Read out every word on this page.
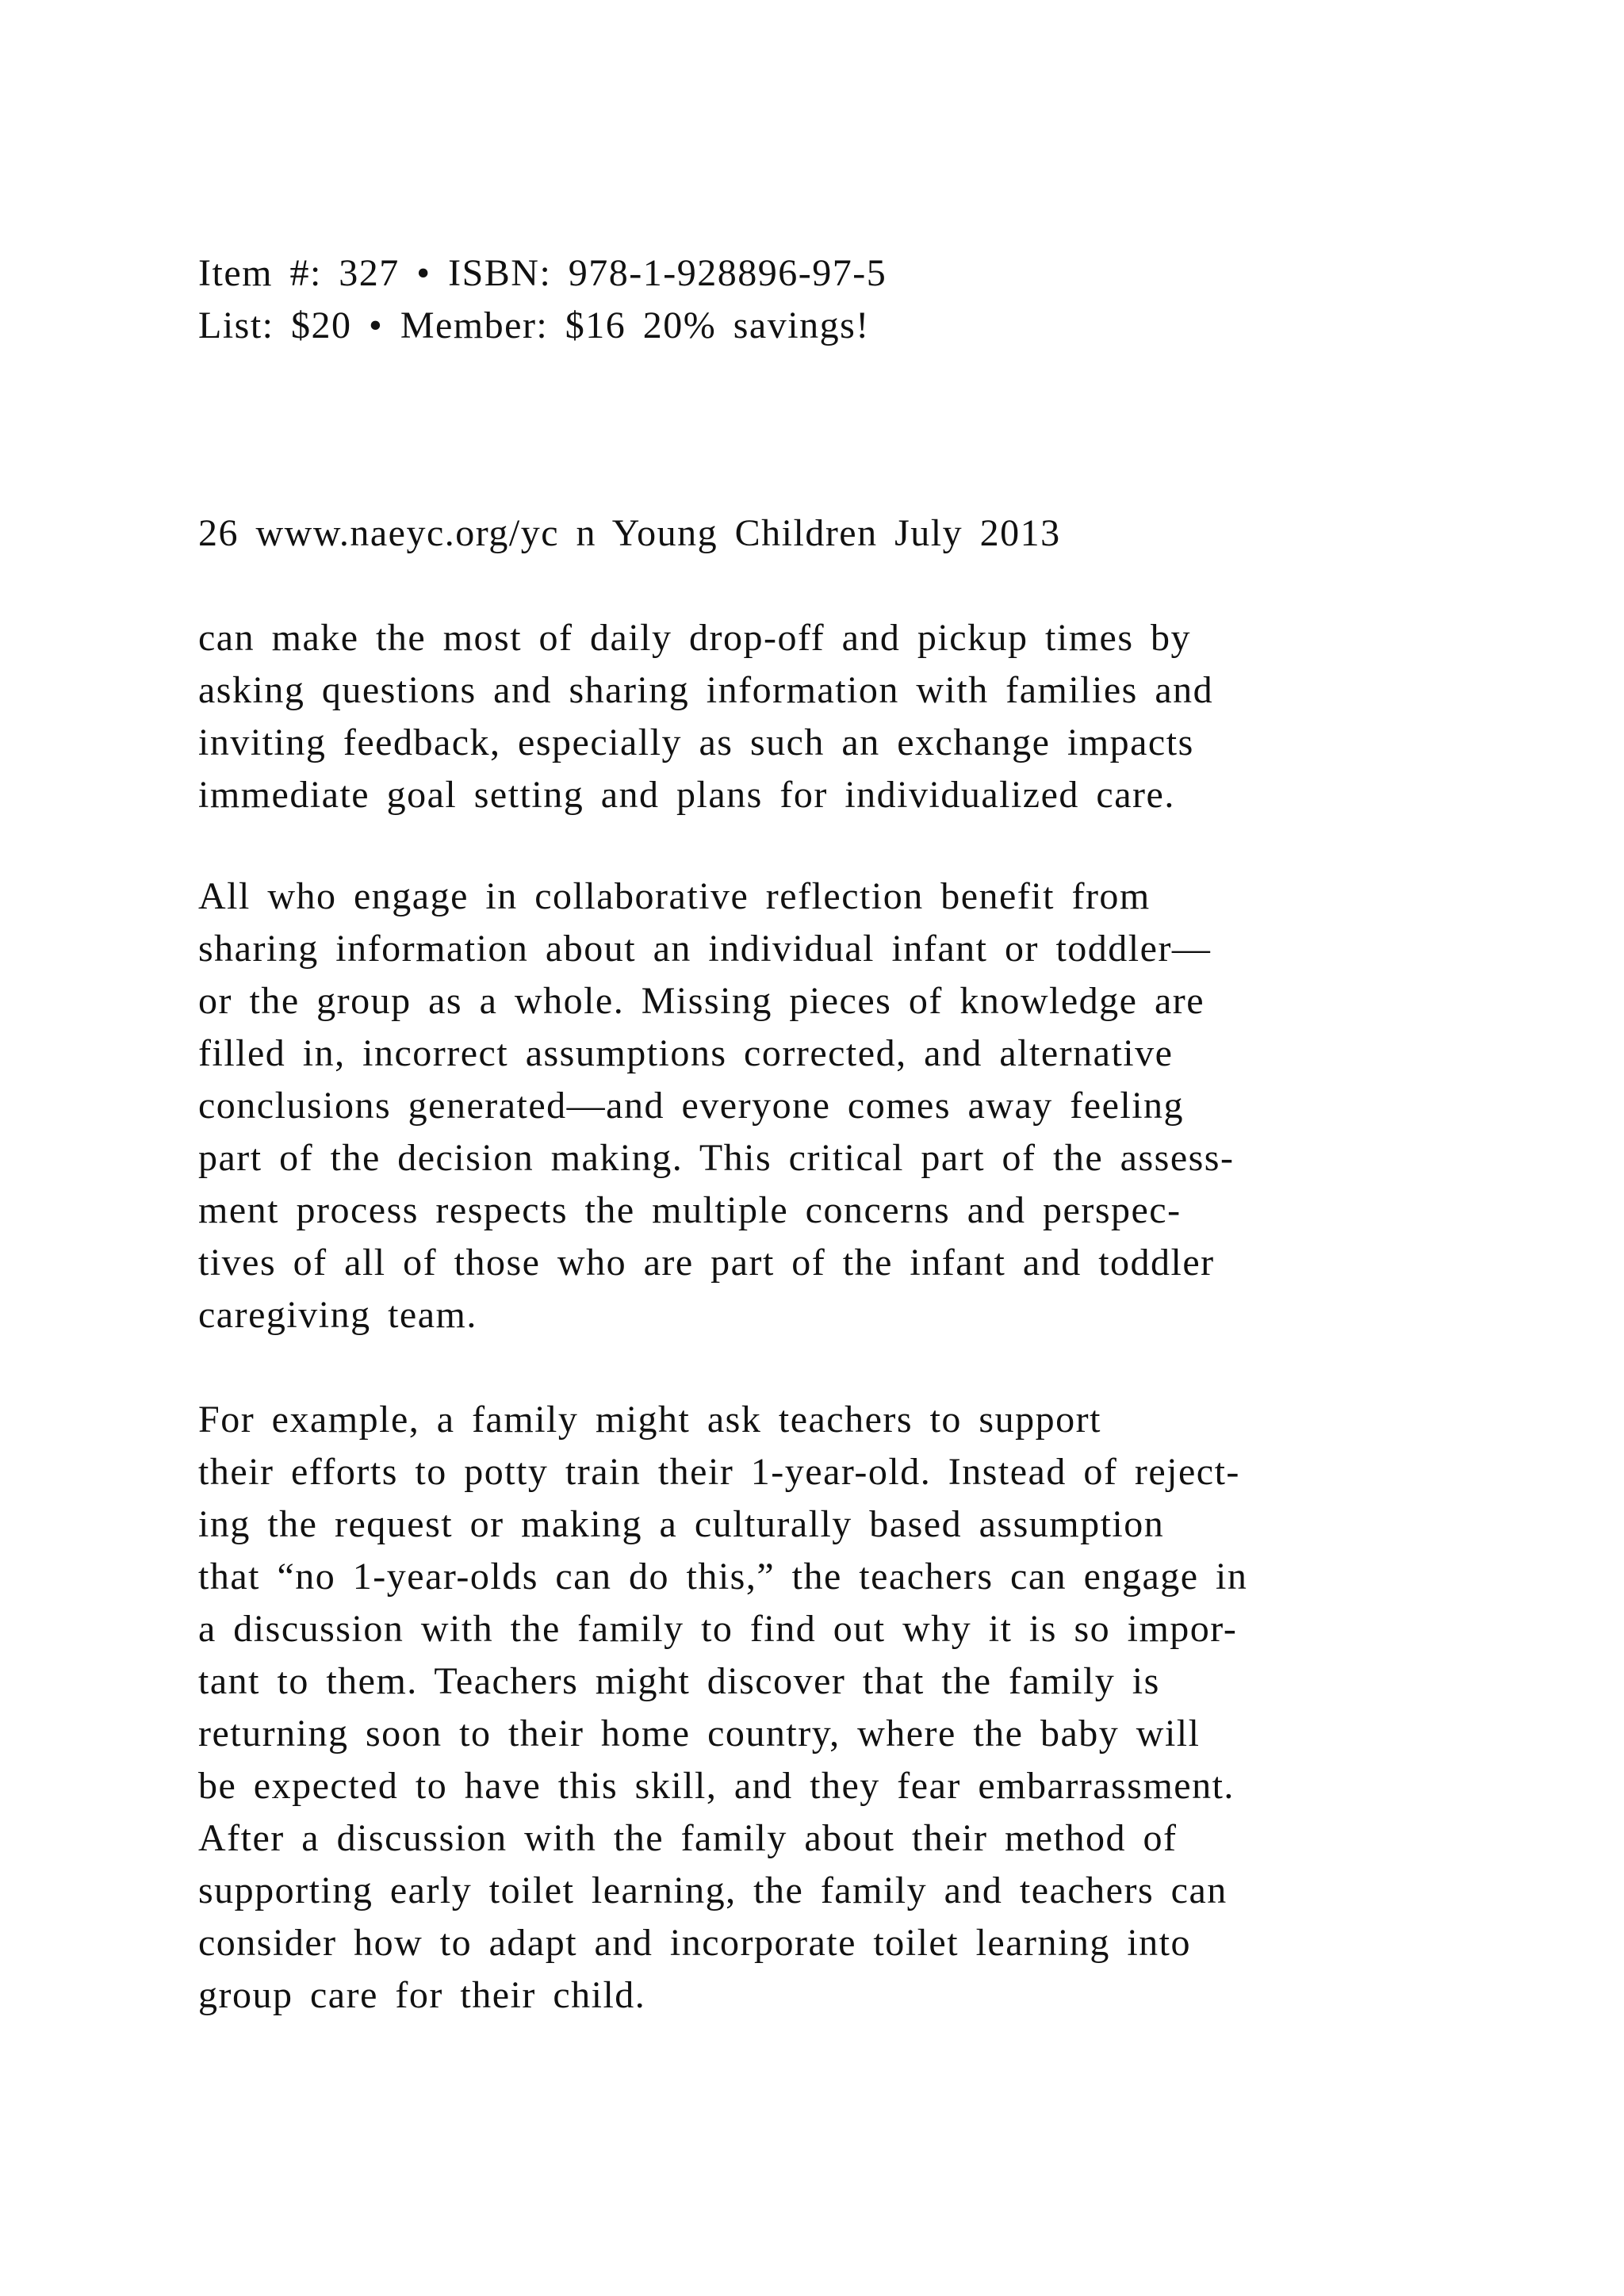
Item #: 327 • ISBN: 978-1-928896-97-5
List: $20 • Member: $16 20% savings!
26 www.naeyc.org/yc n Young Children July 2013
can make the most of daily drop-off and pickup times by
asking questions and sharing information with families and
inviting feedback, especially as such an exchange impacts
immediate goal setting and plans for individualized care.
All who engage in collaborative reflection benefit from
sharing information about an individual infant or toddler—
or the group as a whole. Missing pieces of knowledge are
filled in, incorrect assumptions corrected, and alternative
conclusions generated—and everyone comes away feeling
part of the decision making. This critical part of the assess-
ment process respects the multiple concerns and perspec-
tives of all of those who are part of the infant and toddler
caregiving team.
For example, a family might ask teachers to support
their efforts to potty train their 1-year-old. Instead of reject-
ing the request or making a culturally based assumption
that “no 1-year-olds can do this,” the teachers can engage in
a discussion with the family to find out why it is so impor-
tant to them. Teachers might discover that the family is
returning soon to their home country, where the baby will
be expected to have this skill, and they fear embarrassment.
After a discussion with the family about their method of
supporting early toilet learning, the family and teachers can
consider how to adapt and incorporate toilet learning into
group care for their child.
